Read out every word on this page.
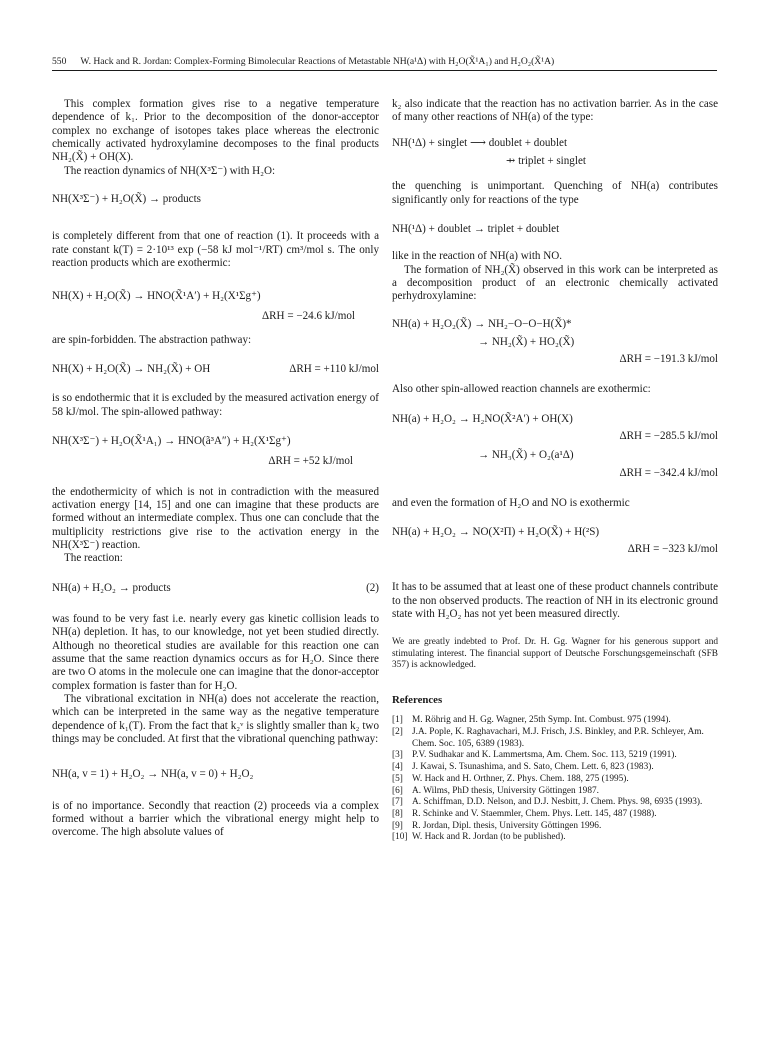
550 W. Hack and R. Jordan: Complex-Forming Bimolecular Reactions of Metastable NH(a¹Δ) with H₂O(X̃¹A₁) and H₂O₂(X̃¹A)

This complex formation gives rise to a negative temperature dependence of k₁. Prior to the decomposition of the donor-acceptor complex no exchange of isotopes takes place whereas the electronic chemically activated hydroxylamine decomposes to the final products NH₂(X̃) + OH(X).

The reaction dynamics of NH(X³Σ⁻) with H₂O:

NH(X³Σ⁻) + H₂O(X̃) → products

is completely different from that one of reaction (1). It proceeds with a rate constant k(T) = 2·10¹³ exp (−58 kJ mol⁻¹/RT) cm³/mol s. The only reaction products which are exothermic:

NH(X) + H₂O(X̃) → HNO(X̃¹A′) + H₂(X¹Σg⁺)
ΔRH = −24.6 kJ/mol

are spin-forbidden. The abstraction pathway:

NH(X) + H₂O(X̃) → NH₂(X̃) + OH	ΔRH = +110 kJ/mol

is so endothermic that it is excluded by the measured activation energy of 58 kJ/mol. The spin-allowed pathway:

NH(X³Σ⁻) + H₂O(X̃¹A₁) → HNO(ã³A″) + H₂(X¹Σg⁺)
ΔRH = +52 kJ/mol

the endothermicity of which is not in contradiction with the measured activation energy [14, 15] and one can imagine that these products are formed without an intermediate complex. Thus one can conclude that the multiplicity restrictions give rise to the activation energy in the NH(X³Σ⁻) reaction.

The reaction:

NH(a) + H₂O₂ → products	(2)

was found to be very fast i.e. nearly every gas kinetic collision leads to NH(a) depletion. It has, to our knowledge, not yet been studied directly. Although no theoretical studies are available for this reaction one can assume that the same reaction dynamics occurs as for H₂O. Since there are two O atoms in the molecule one can imagine that the donor-acceptor complex formation is faster than for H₂O.

The vibrational excitation in NH(a) does not accelerate the reaction, which can be interpreted in the same way as the negative temperature dependence of k₁(T). From the fact that k₂ᵛ is slightly smaller than k₂ two things may be concluded. At first that the vibrational quenching pathway:

NH(a, v = 1) + H₂O₂ → NH(a, v = 0) + H₂O₂

is of no importance. Secondly that reaction (2) proceeds via a complex formed without a barrier which the vibrational energy might help to overcome. The high absolute values of

k₂ also indicate that the reaction has no activation barrier. As in the case of many other reactions of NH(a) of the type:

NH(¹Δ) + singlet ⟶ doublet + doublet
⇸ triplet + singlet

the quenching is unimportant. Quenching of NH(a) contributes significantly only for reactions of the type

NH(¹Δ) + doublet → triplet + doublet

like in the reaction of NH(a) with NO.

The formation of NH₂(X̃) observed in this work can be interpreted as a decomposition product of an electronic chemically activated perhydroxylamine:

NH(a) + H₂O₂(X̃) → NH₂−O−O−H(X̃)*
→ NH₂(X̃) + HO₂(X̃)
ΔRH = −191.3 kJ/mol

Also other spin-allowed reaction channels are exothermic:

NH(a) + H₂O₂ → H₂NO(X̃²A′) + OH(X)
ΔRH = −285.5 kJ/mol
→ NH₃(X̃) + O₂(a¹Δ)
ΔRH = −342.4 kJ/mol

and even the formation of H₂O and NO is exothermic

NH(a) + H₂O₂ → NO(X²Π) + H₂O(X̃) + H(²S)
ΔRH = −323 kJ/mol

It has to be assumed that at least one of these product channels contribute to the non observed products. The reaction of NH in its electronic ground state with H₂O₂ has not yet been measured directly.

We are greatly indebted to Prof. Dr. H. Gg. Wagner for his generous support and stimulating interest. The financial support of Deutsche Forschungsgemeinschaft (SFB 357) is acknowledged.

References

[1] M. Röhrig and H. Gg. Wagner, 25th Symp. Int. Combust. 975 (1994).
[2] J.A. Pople, K. Raghavachari, M.J. Frisch, J.S. Binkley, and P.R. Schleyer, Am. Chem. Soc. 105, 6389 (1983).
[3] P.V. Sudhakar and K. Lammertsma, Am. Chem. Soc. 113, 5219 (1991).
[4] J. Kawai, S. Tsunashima, and S. Sato, Chem. Lett. 6, 823 (1983).
[5] W. Hack and H. Orthner, Z. Phys. Chem. 188, 275 (1995).
[6] A. Wilms, PhD thesis, University Göttingen 1987.
[7] A. Schiffman, D.D. Nelson, and D.J. Nesbitt, J. Chem. Phys. 98, 6935 (1993).
[8] R. Schinke and V. Staemmler, Chem. Phys. Lett. 145, 487 (1988).
[9] R. Jordan, Dipl. thesis, University Göttingen 1996.
[10] W. Hack and R. Jordan (to be published).
